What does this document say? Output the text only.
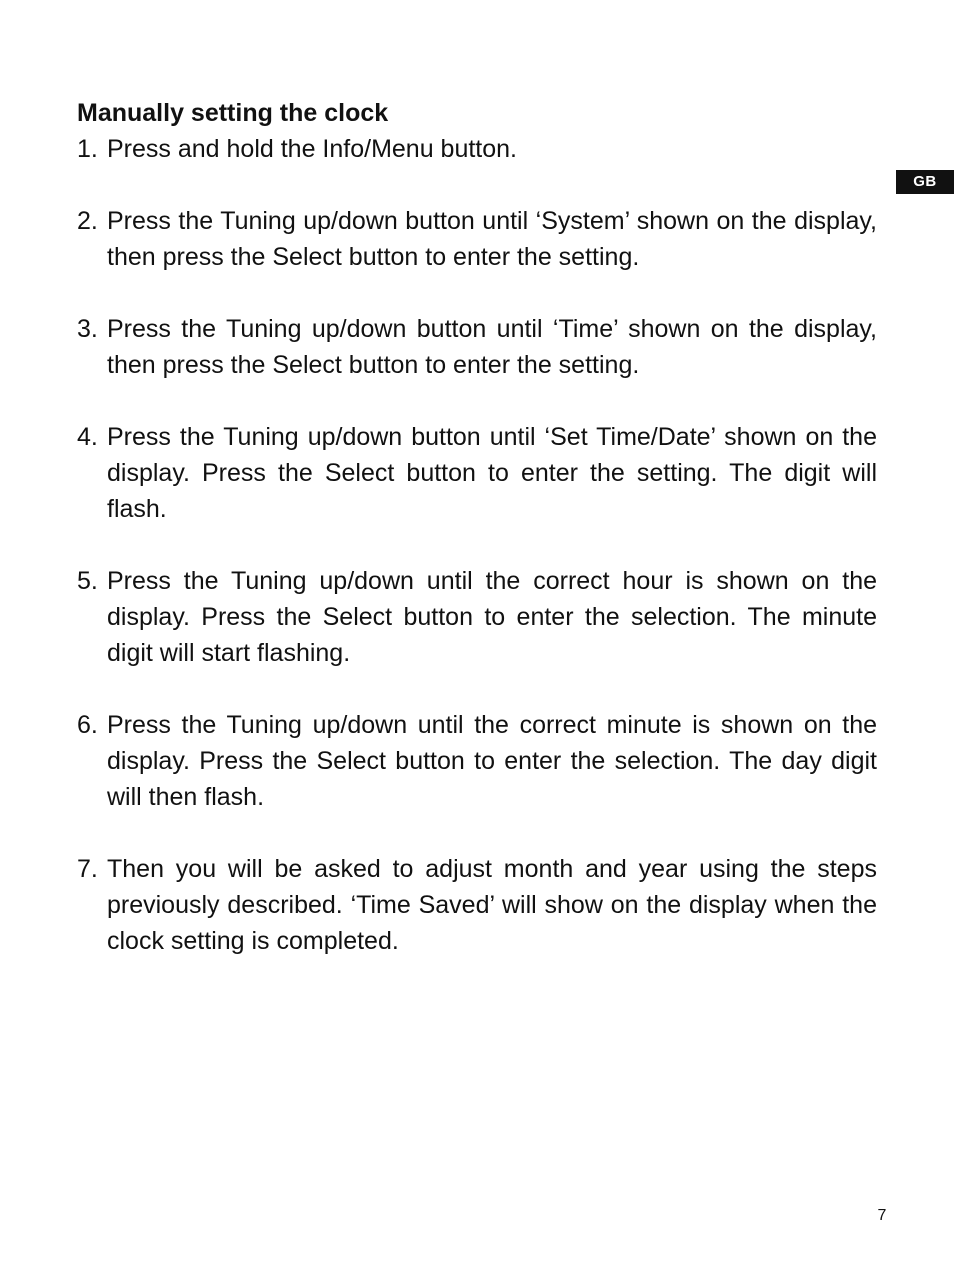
GB
Manually setting the clock
1. Press and hold the Info/Menu button.
2. Press the Tuning up/down button until ‘System’ shown on the display, then press the Select button to enter the setting.
3. Press the Tuning up/down button until ‘Time’ shown on the display, then press the Select button to enter the setting.
4. Press the Tuning up/down button until ‘Set Time/Date’ shown on the display. Press the Select button to enter the setting. The digit will flash.
5. Press the Tuning up/down until the correct hour is shown on the display. Press the Select button to enter the selection. The minute digit will start flashing.
6. Press the Tuning up/down until the correct minute is shown on the display. Press the Select button to enter the selection. The day digit will then flash.
7. Then you will be asked to adjust month and year using the steps previously described. ‘Time Saved’ will show on the display when the clock setting is completed.
7
